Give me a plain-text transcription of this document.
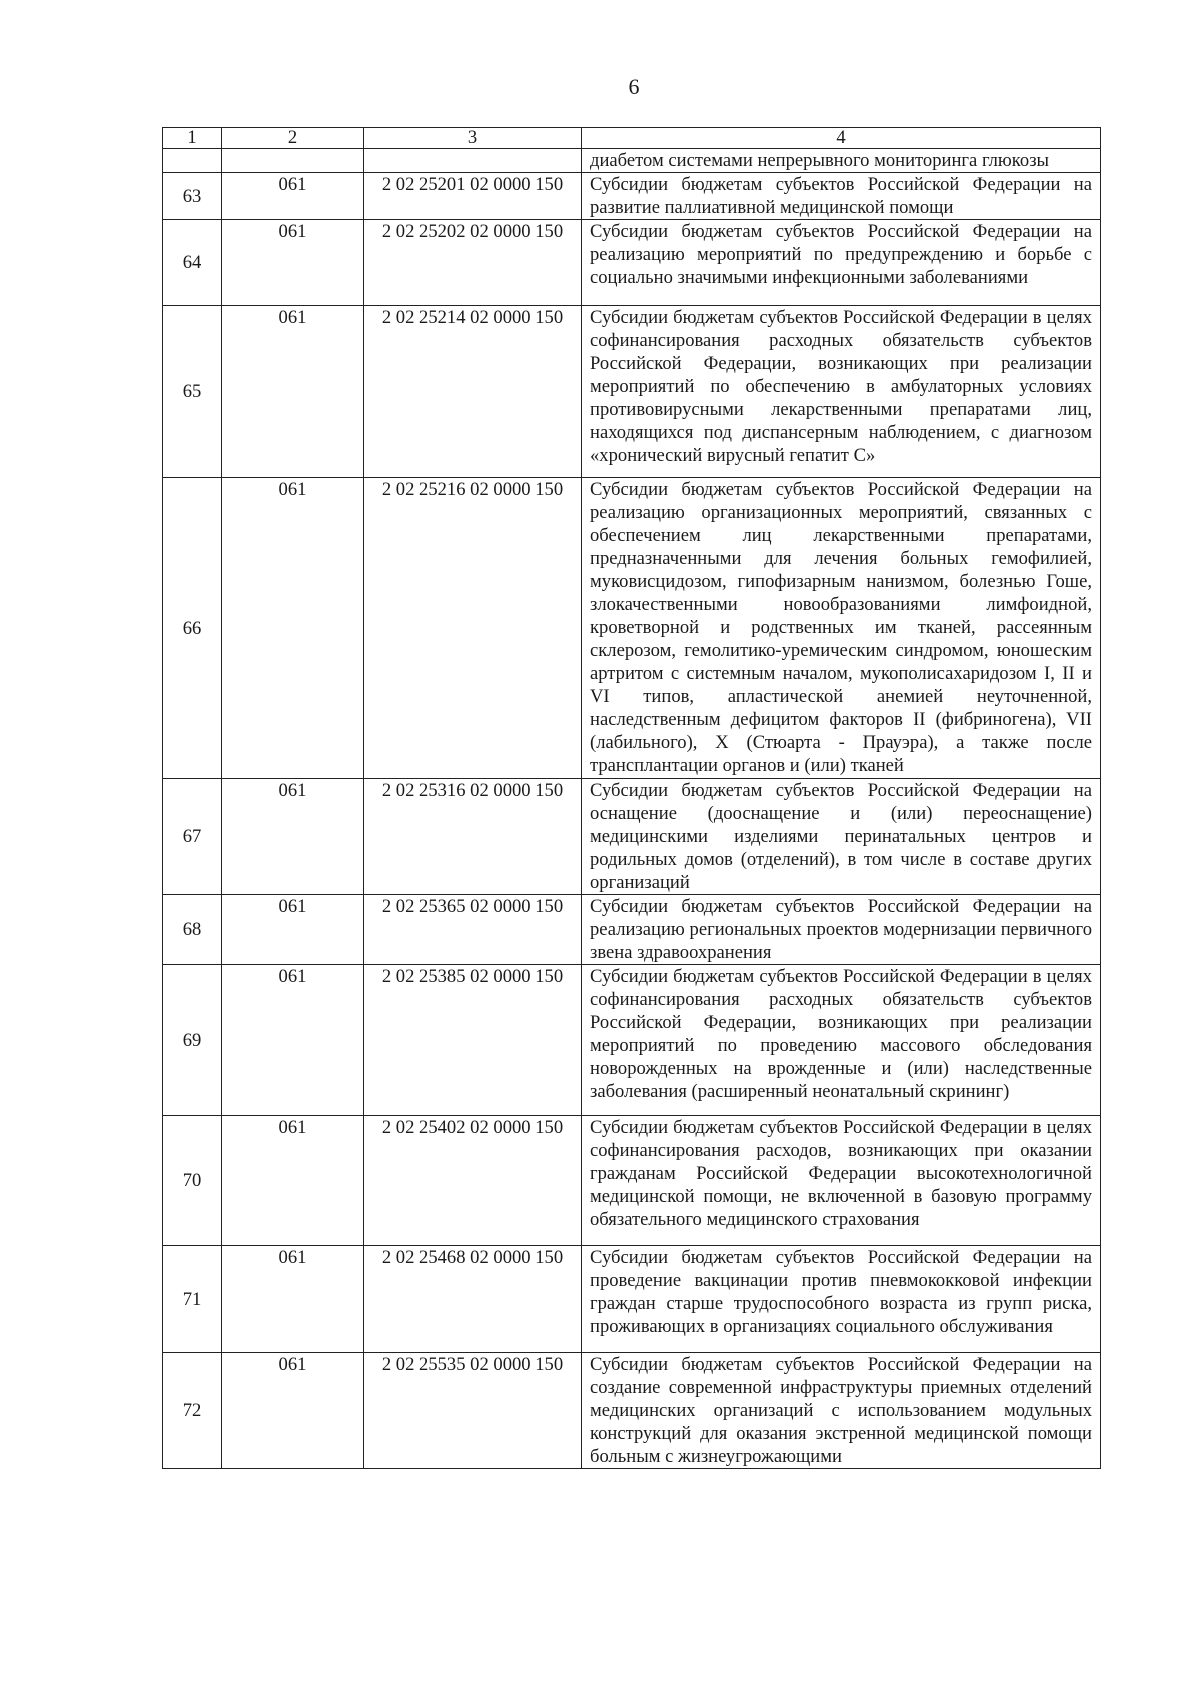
6
1	2	3	4
			диабетом системами непрерывного мониторинга глюкозы
63	061	2 02 25201 02 0000 150	Субсидии бюджетам субъектов Российской Федерации на развитие паллиативной медицинской помощи
64	061	2 02 25202 02 0000 150	Субсидии бюджетам субъектов Российской Федерации на реализацию мероприятий по предупреждению и борьбе с социально значимыми инфекционными заболеваниями
65	061	2 02 25214 02 0000 150	Субсидии бюджетам субъектов Российской Федерации в целях софинансирования расходных обязательств субъектов Российской Федерации, возникающих при реализации мероприятий по обеспечению в амбулаторных условиях противовирусными лекарственными препаратами лиц, находящихся под диспансерным наблюдением, с диагнозом «хронический вирусный гепатит С»
66	061	2 02 25216 02 0000 150	Субсидии бюджетам субъектов Российской Федерации на реализацию организационных мероприятий, связанных с обеспечением лиц лекарственными препаратами, предназначенными для лечения больных гемофилией, муковисцидозом, гипофизарным нанизмом, болезнью Гоше, злокачественными новообразованиями лимфоидной, кроветворной и родственных им тканей, рассеянным склерозом, гемолитико-уремическим синдромом, юношеским артритом с системным началом, мукополисахаридозом I, II и VI типов, апластической анемией неуточненной, наследственным дефицитом факторов II (фибриногена), VII (лабильного), X (Стюарта - Прауэра), а также после трансплантации органов и (или) тканей
67	061	2 02 25316 02 0000 150	Субсидии бюджетам субъектов Российской Федерации на оснащение (дооснащение и (или) переоснащение) медицинскими изделиями перинатальных центров и родильных домов (отделений), в том числе в составе других организаций
68	061	2 02 25365 02 0000 150	Субсидии бюджетам субъектов Российской Федерации на реализацию региональных проектов модернизации первичного звена здравоохранения
69	061	2 02 25385 02 0000 150	Субсидии бюджетам субъектов Российской Федерации в целях софинансирования расходных обязательств субъектов Российской Федерации, возникающих при реализации мероприятий по проведению массового обследования новорожденных на врожденные и (или) наследственные заболевания (расширенный неонатальный скрининг)
70	061	2 02 25402 02 0000 150	Субсидии бюджетам субъектов Российской Федерации в целях софинансирования расходов, возникающих при оказании гражданам Российской Федерации высокотехнологичной медицинской помощи, не включенной в базовую программу обязательного медицинского страхования
71	061	2 02 25468 02 0000 150	Субсидии бюджетам субъектов Российской Федерации на проведение вакцинации против пневмококковой инфекции граждан старше трудоспособного возраста из групп риска, проживающих в организациях социального обслуживания
72	061	2 02 25535 02 0000 150	Субсидии бюджетам субъектов Российской Федерации на создание современной инфраструктуры приемных отделений медицинских организаций с использованием модульных конструкций для оказания экстренной медицинской помощи больным с жизнеугрожающими
